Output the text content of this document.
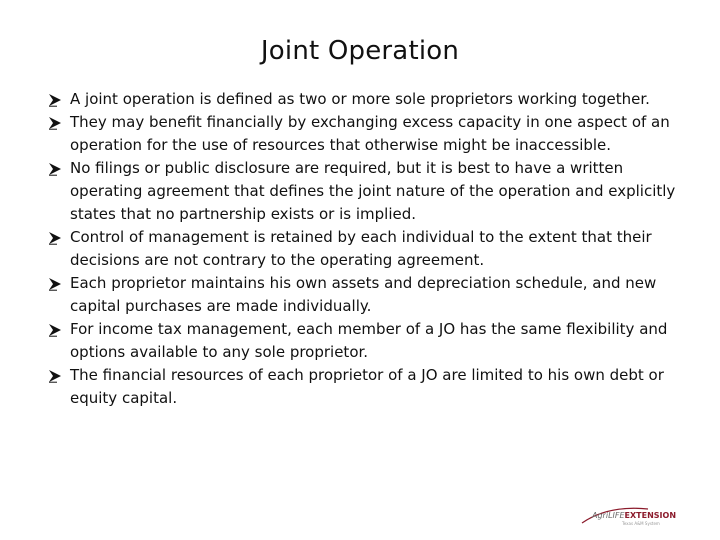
Joint Operation
A joint operation is defined as two or more sole proprietors working together.
They may benefit financially by exchanging excess capacity in one aspect of an operation for the use of resources that otherwise might be inaccessible.
No filings or public disclosure are required, but it is best to have a written operating agreement that defines the joint nature of the operation and explicitly states that no partnership exists or is implied.
Control of management is retained by each individual to the extent that their decisions are not contrary to the operating agreement.
Each proprietor maintains his own assets and depreciation schedule, and new capital purchases are made individually.
For income tax management, each member of a JO has the same flexibility and options available to any sole proprietor.
The financial resources of each proprietor of a JO are limited to his own debt or equity capital.
AgriLIFEEXTENSION
Texas A&M System
